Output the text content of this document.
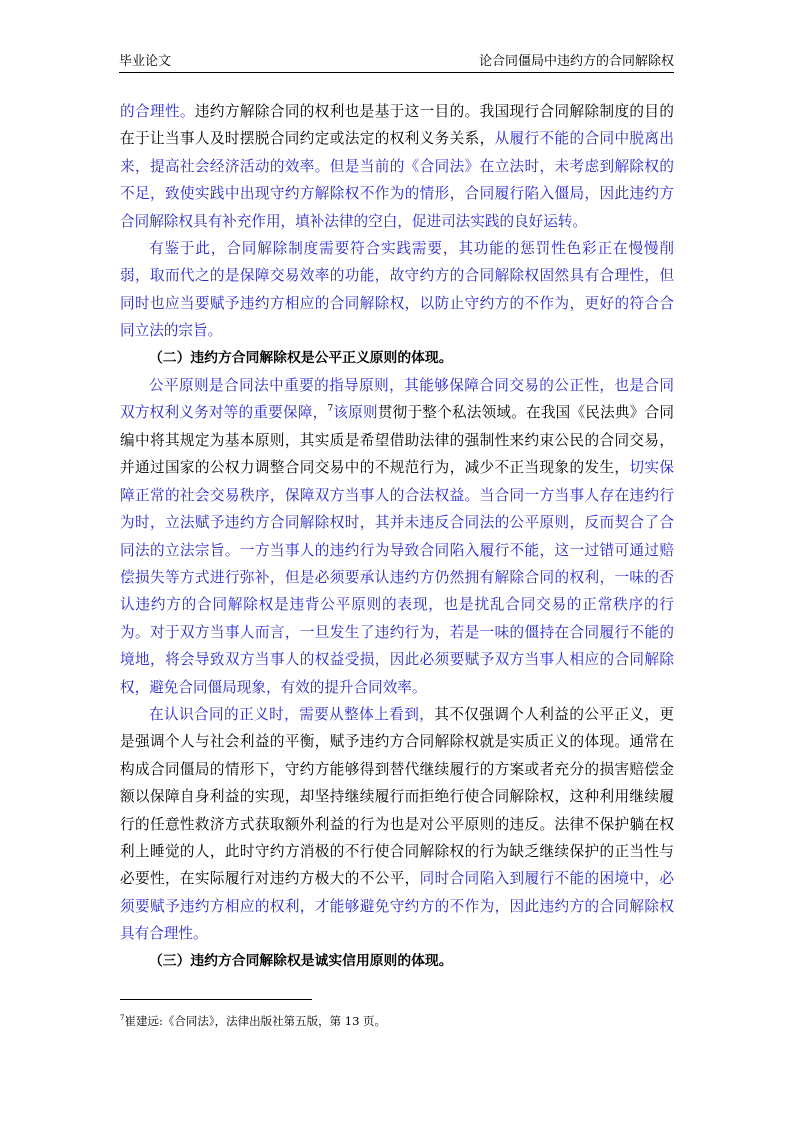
毕业论文	论合同僵局中违约方的合同解除权

的合理性。违约方解除合同的权利也是基于这一目的。我国现行合同解除制度的目的在于让当事人及时摆脱合同约定或法定的权利义务关系，从履行不能的合同中脱离出来，提高社会经济活动的效率。但是当前的《合同法》在立法时，未考虑到解除权的不足，致使实践中出现守约方解除权不作为的情形，合同履行陷入僵局，因此违约方合同解除权具有补充作用，填补法律的空白，促进司法实践的良好运转。

有鉴于此，合同解除制度需要符合实践需要，其功能的惩罚性色彩正在慢慢削弱，取而代之的是保障交易效率的功能，故守约方的合同解除权固然具有合理性，但同时也应当要赋予违约方相应的合同解除权，以防止守约方的不作为，更好的符合合同立法的宗旨。

（二）违约方合同解除权是公平正义原则的体现。

公平原则是合同法中重要的指导原则，其能够保障合同交易的公正性，也是合同双方权利义务对等的重要保障，$^7$该原则贯彻于整个私法领域。在我国《民法典》合同编中将其规定为基本原则，其实质是希望借助法律的强制性来约束公民的合同交易，并通过国家的公权力调整合同交易中的不规范行为，减少不正当现象的发生，切实保障正常的社会交易秩序，保障双方当事人的合法权益。当合同一方当事人存在违约行为时，立法赋予违约方合同解除权时，其并未违反合同法的公平原则，反而契合了合同法的立法宗旨。一方当事人的违约行为导致合同陷入履行不能，这一过错可通过赔偿损失等方式进行弥补，但是必须要承认违约方仍然拥有解除合同的权利，一味的否认违约方的合同解除权是违背公平原则的表现，也是扰乱合同交易的正常秩序的行为。对于双方当事人而言，一旦发生了违约行为，若是一味的僵持在合同履行不能的境地，将会导致双方当事人的权益受损，因此必须要赋予双方当事人相应的合同解除权，避免合同僵局现象，有效的提升合同效率。

在认识合同的正义时，需要从整体上看到，其不仅强调个人利益的公平正义，更是强调个人与社会利益的平衡，赋予违约方合同解除权就是实质正义的体现。通常在构成合同僵局的情形下，守约方能够得到替代继续履行的方案或者充分的损害赔偿金额以保障自身利益的实现，却坚持继续履行而拒绝行使合同解除权，这种利用继续履行的任意性救济方式获取额外利益的行为也是对公平原则的违反。法律不保护躺在权利上睡觉的人，此时守约方消极的不行使合同解除权的行为缺乏继续保护的正当性与必要性，在实际履行对违约方极大的不公平，同时合同陷入到履行不能的困境中，必须要赋予违约方相应的权利，才能够避免守约方的不作为，因此违约方的合同解除权具有合理性。

（三）违约方合同解除权是诚实信用原则的体现。
$^7$崔建远:《合同法》，法律出版社第五版，第 13 页。
